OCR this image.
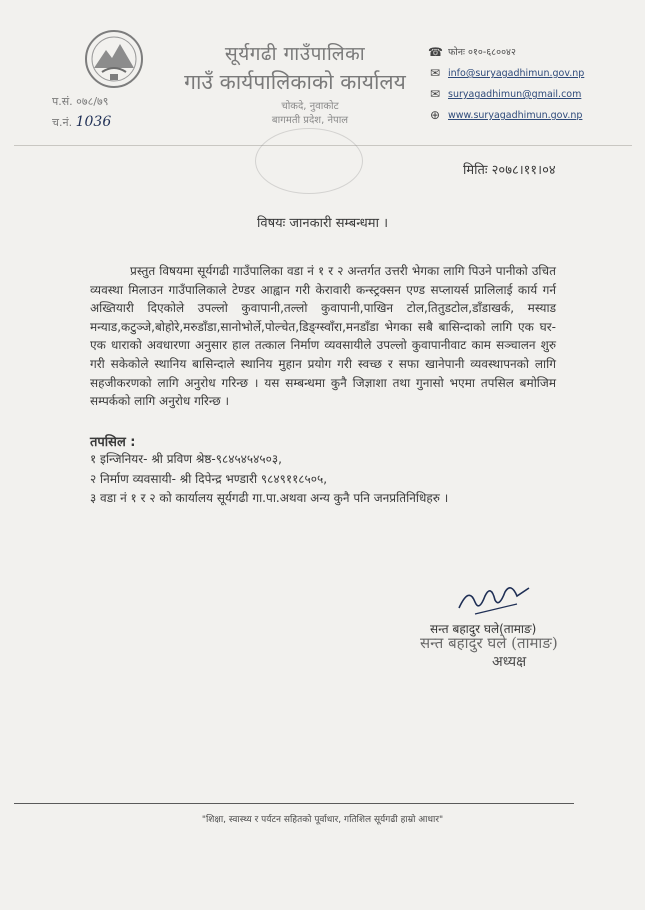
सूर्यगढी गाउँपालिका
गाउँ कार्यपालिकाको कार्यालय
चोकदे, नुवाकोट
बागमती प्रदेश, नेपाल
प.सं. ०७८/७९
च.नं. 1036
☎ फोनः ०१०-६८००४२
✉ info@suryagadhimun.gov.np
✉ suryagadhimun@gmail.com
⊕ www.suryagadhimun.gov.np
मितिः २०७८।११।०४
विषयः जानकारी सम्बन्धमा ।

प्रस्तुत विषयमा सूर्यगढी गाउँपालिका वडा नं १ र २ अन्तर्गत उत्तरी भेगका लागि पिउने पानीको उचित व्यवस्था मिलाउन गाउँपालिकाले टेण्डर आह्वान गरी केरावारी कन्स्ट्रक्सन एण्ड सप्लायर्स प्रालिलाई कार्य गर्न अख्तियारी दिएकोले उपल्लो कुवापानी,तल्लो कुवापानी,पाखिन टोल,तितुडटोल,डाँडाखर्क, मस्याड मन्याड,कटुञ्जे,बोहोरे,मरुडाँडा,सानोभोर्ले,पोल्चेत,डिङ्ग्स्वाँरा,मनडाँडा भेगका सबै बासिन्दाको लागि एक घर-एक धाराको अवधारणा अनुसार हाल तत्काल निर्माण व्यवसायीले उपल्लो कुवापानीवाट काम सञ्चालन शुरु गरी सकेकोले स्थानिय बासिन्दाले स्थानिय मुहान प्रयोग गरी स्वच्छ र सफा खानेपानी व्यवस्थापनको लागि सहजीकरणको लागि अनुरोध गरिन्छ । यस सम्बन्धमा कुनै जिज्ञाशा तथा गुनासो भएमा तपसिल बमोजिम सम्पर्कको लागि अनुरोध गरिन्छ ।

तपसिल :
१ इन्जिनियर- श्री प्रविण श्रेष्ठ-९८४५४५४५०३,
२ निर्माण व्यवसायी- श्री दिपेन्द्र भण्डारी ९८४९११८५०५,
३ वडा नं १ र २ को कार्यालय सूर्यगढी गा.पा.अथवा अन्य कुनै पनि जनप्रतिनिधिहरु ।
सन्त बहादुर घले(तामाङ)
सन्त बहादुर घले (तामाङ)
अध्यक्ष
"शिक्षा, स्वास्थ्य र पर्यटन सहितको पूर्वाधार, गतिशिल सूर्यगढी हाम्रो आधार"
